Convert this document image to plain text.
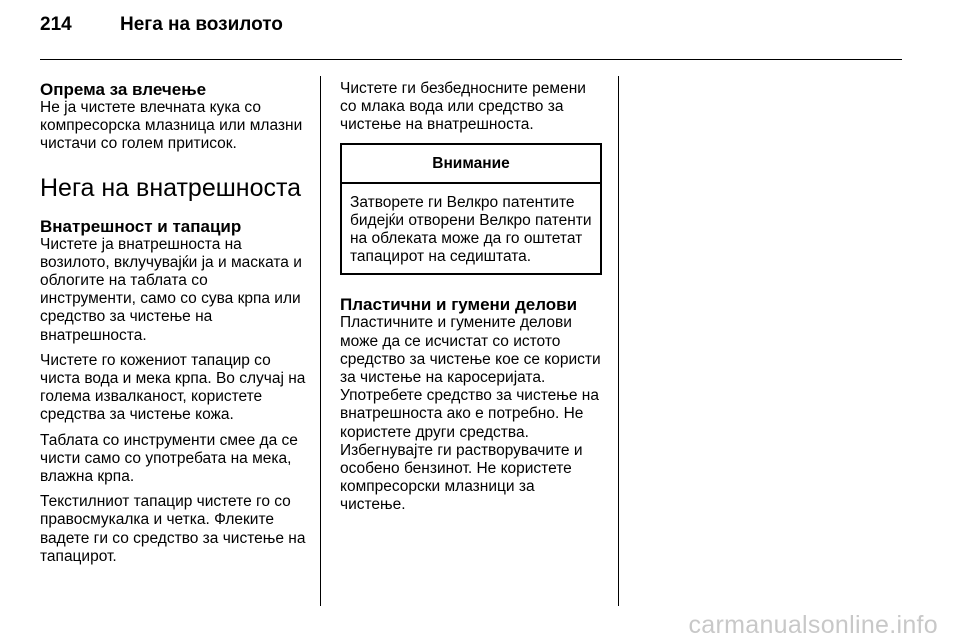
214	Нега на возилото
Опрема за влечење

Не ја чистете влечната кука со компресорска млазница или млазни чистачи со голем притисок.

Нега на внатрешноста
Внатрешност и тапацир

Чистете ја внатрешноста на возилото, вклучувајќи ја и маската и облогите на таблата со инструменти, само со сува крпа или средство за чистење на внатрешноста.

Чистете го кожениот тапацир со чиста вода и мека крпа. Во случај на голема извалканост, користете средства за чистење кожа.

Таблата со инструменти смее да се чисти само со употребата на мека, влажна крпа.

Текстилниот тапацир чистете го со правосмукалка и четка. Флеките вадете ги со средство за чистење на тапацирот.

Чистете ги безбедносните ремени со млака вода или средство за чистење на внатрешноста.

Внимание
Затворете ги Велкро патентите бидејќи отворени Велкро патенти на облеката може да го оштетат тапацирот на седиштата.
Пластични и гумени делови

Пластичните и гумените делови може да се исчистат со истото средство за чистење кое се користи за чистење на каросеријата. Употребете средство за чистење на внатрешноста ако е потребно. Не користете други средства. Избегнувајте ги растворувачите и особено бензинот. Не користете компресорски млазници за чистење.

carmanualsonline.info
